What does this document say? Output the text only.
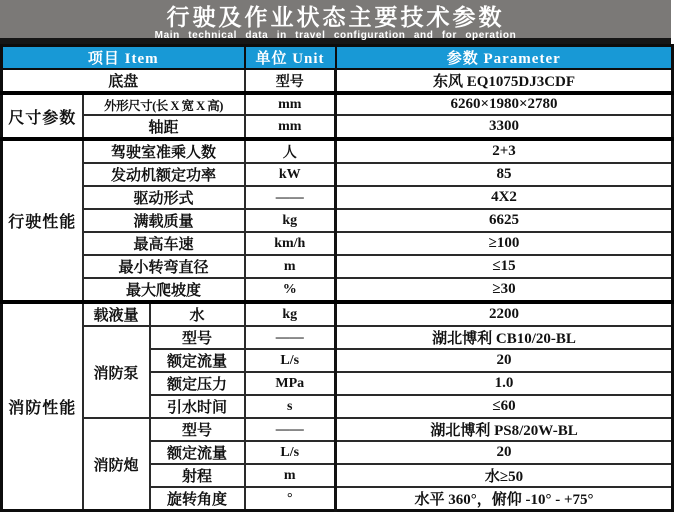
行驶及作业状态主要技术参数
Main technical data in travel configuration and for operation
项目 Item			单位 Unit	参数 Parameter
底盘			型号	东风 EQ1075DJ3CDF
尺寸参数	外形尺寸(长 X 宽 X 高)		mm	6260×1980×2780
	轴距		mm	3300
行驶性能	驾驶室准乘人数		人	2+3
	发动机额定功率		kW	85
	驱动形式		——	4X2
	满载质量		kg	6625
	最高车速		km/h	≥100
	最小转弯直径		m	≤15
	最大爬坡度		%	≥30
消防性能	载液量	水	kg	2200
	消防泵	型号	——	湖北博利 CB10/20-BL
		额定流量	L/s	20
		额定压力	MPa	1.0
		引水时间	s	≤60
	消防炮	型号	——	湖北博利 PS8/20W-BL
		额定流量	L/s	20
		射程	m	水≥50
		旋转角度	°	水平 360°，俯仰 -10° - +75°
